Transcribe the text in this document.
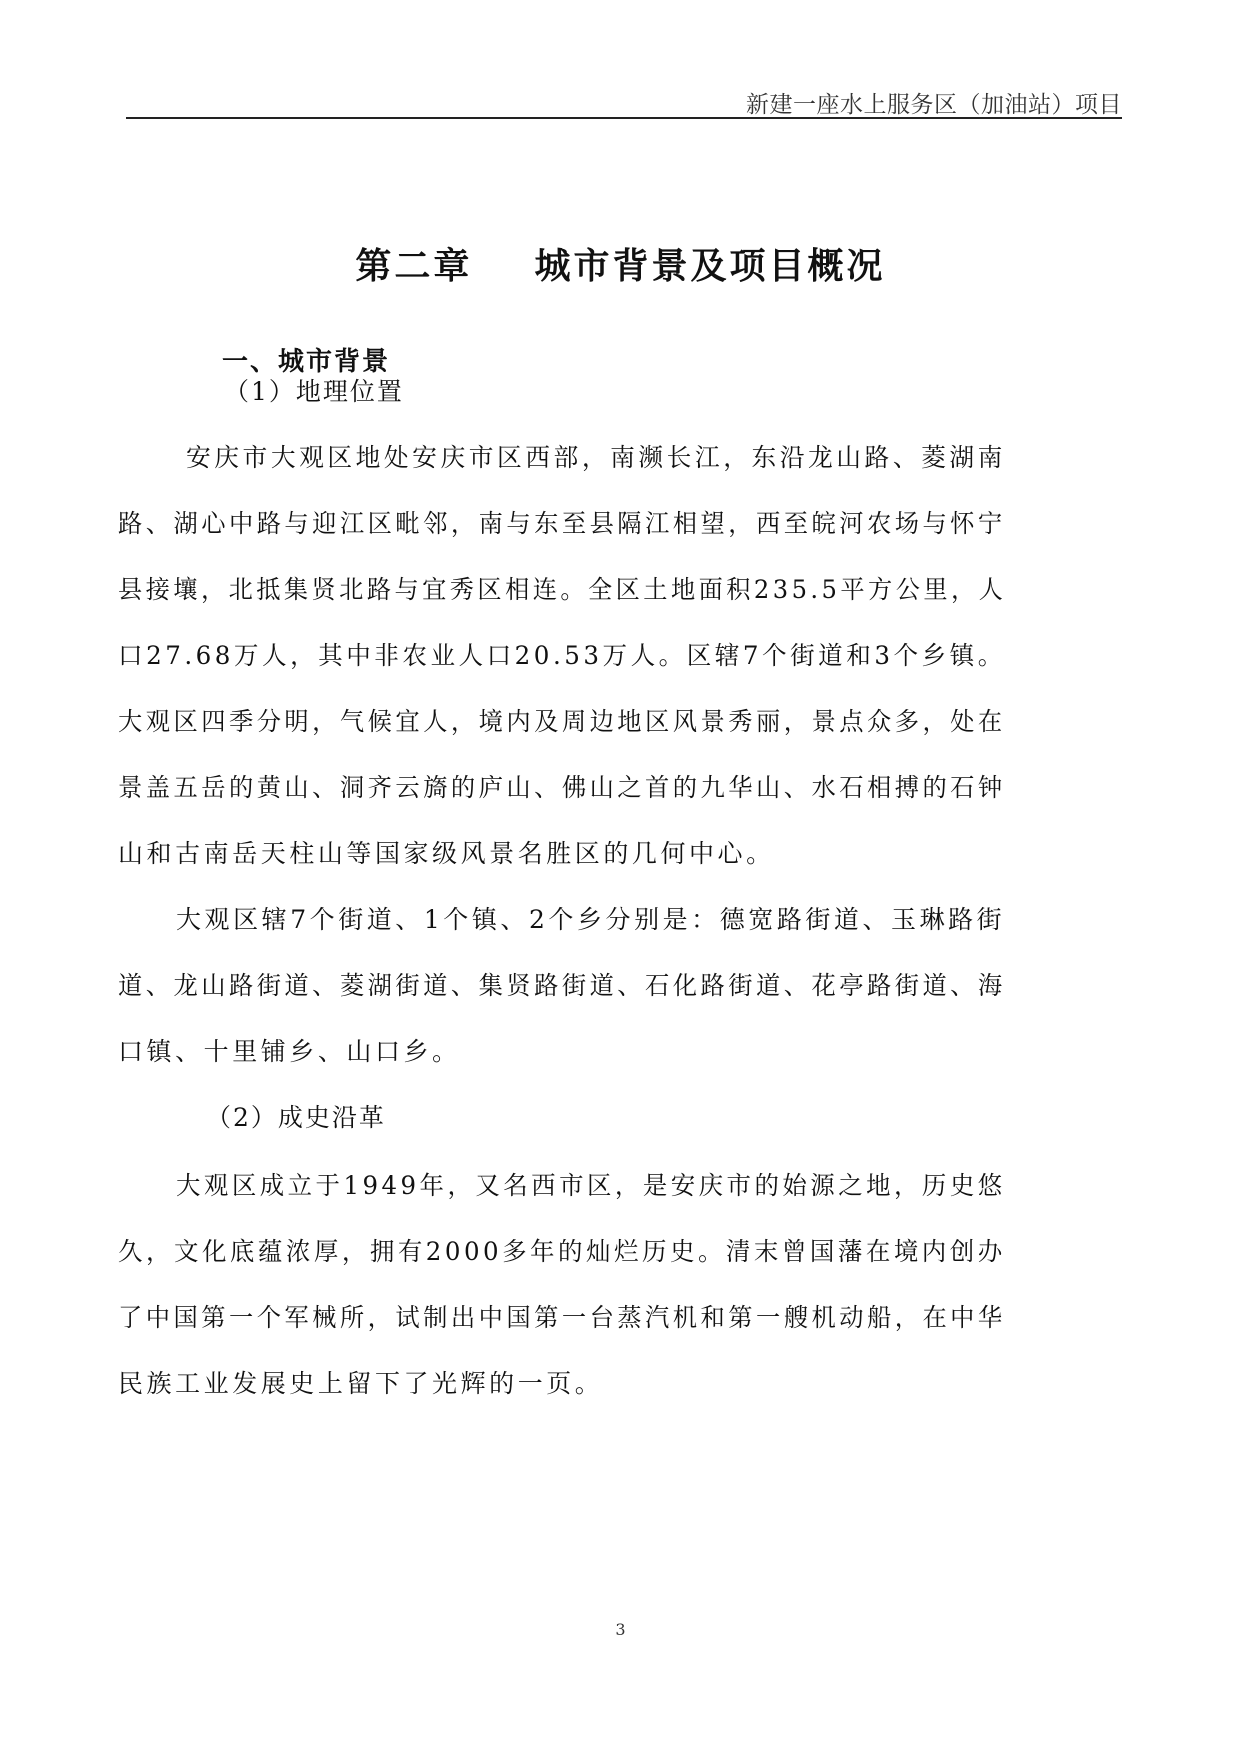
新建一座水上服务区（加油站）项目
第二章    城市背景及项目概况
一、城市背景
（1）地理位置
安庆市大观区地处安庆市区西部，南濒长江，东沿龙山路、菱湖南
路、湖心中路与迎江区毗邻，南与东至县隔江相望，西至皖河农场与怀宁
县接壤，北抵集贤北路与宜秀区相连。全区土地面积235.5平方公里，人
口27.68万人，其中非农业人口20.53万人。区辖7个街道和3个乡镇。
大观区四季分明，气候宜人，境内及周边地区风景秀丽，景点众多，处在
景盖五岳的黄山、洞齐云旖的庐山、佛山之首的九华山、水石相搏的石钟
山和古南岳天柱山等国家级风景名胜区的几何中心。
大观区辖7个街道、1个镇、2个乡分别是：德宽路街道、玉琳路街
道、龙山路街道、菱湖街道、集贤路街道、石化路街道、花亭路街道、海
口镇、十里铺乡、山口乡。
（2）成史沿革
大观区成立于1949年，又名西市区，是安庆市的始源之地，历史悠
久，文化底蕴浓厚，拥有2000多年的灿烂历史。清末曾国藩在境内创办
了中国第一个军械所，试制出中国第一台蒸汽机和第一艘机动船，在中华
民族工业发展史上留下了光辉的一页。
3
